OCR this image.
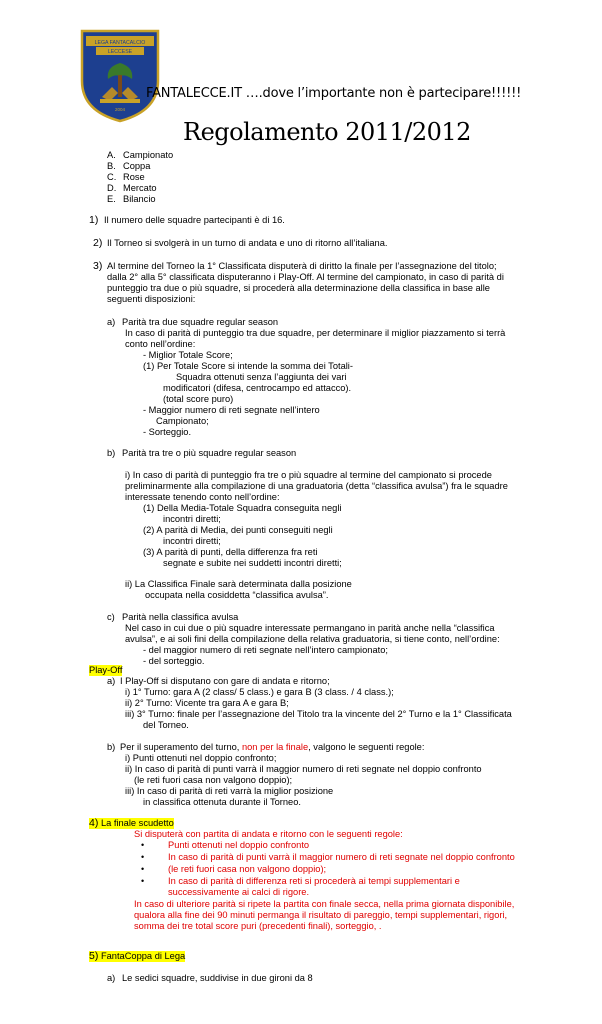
LEGA FANTACALCIO
LECCESE
2004
FANTALECCE.IT ….dove l’importante non è partecipare!!!!!!
Regolamento 2011/2012
A. Campionato
B. Coppa
C. Rose
D. Mercato
E. Bilancio
1) Il numero delle squadre partecipanti è di 16.
2) Il Torneo si svolgerà in un turno di andata e uno di ritorno all’italiana.
3) Al termine del Torneo la 1° Classificata disputerà di diritto la finale per l’assegnazione del titolo;
dalla 2° alla 5° classificata disputeranno i Play-Off. Al termine del campionato, in caso di parità di
punteggio tra due o più squadre, si procederà alla determinazione della classifica in base alle
seguenti disposizioni:
a) Parità tra due squadre regular season
In caso di parità di punteggio tra due squadre, per determinare il miglior piazzamento si terrà
conto nell’ordine:
- Miglior Totale Score;
(1) Per Totale Score si intende la somma dei Totali-
Squadra ottenuti senza l’aggiunta dei vari
modificatori (difesa, centrocampo ed attacco).
(total score puro)
- Maggior numero di reti segnate nell’intero
Campionato;
- Sorteggio.
b) Parità tra tre o più squadre regular season
i) In caso di parità di punteggio fra tre o più squadre al termine del campionato si procede
preliminarmente alla compilazione di una graduatoria (detta “classifica avulsa”) fra le squadre
interessate tenendo conto nell’ordine:
(1) Della Media-Totale Squadra conseguita negli
incontri diretti;
(2) A parità di Media, dei punti conseguiti negli
incontri diretti;
(3) A parità di punti, della differenza fra reti
segnate e subite nei suddetti incontri diretti;
ii) La Classifica Finale sarà determinata dalla posizione
occupata nella cosiddetta “classifica avulsa”.
c) Parità nella classifica avulsa
Nel caso in cui due o più squadre interessate permangano in parità anche nella “classifica
avulsa”, e ai soli fini della compilazione della relativa graduatoria, si tiene conto, nell’ordine:
- del maggior numero di reti segnate nell’intero campionato;
- del sorteggio.
Play-Off
a) I Play-Off si disputano con gare di andata e ritorno;
i) 1° Turno: gara A (2 class/ 5 class.) e gara B (3 class. / 4 class.);
ii) 2° Turno: Vicente tra gara A e gara B;
iii) 3° Turno: finale per l’assegnazione del Titolo tra la vincente del 2° Turno e la 1° Classificata
del Torneo.
b) Per il superamento del turno, non per la finale, valgono le seguenti regole:
i) Punti ottenuti nel doppio confronto;
ii) In caso di parità di punti varrà il maggior numero di reti segnate nel doppio confronto
(le reti fuori casa non valgono doppio);
iii) In caso di parità di reti varrà la miglior posizione
in classifica ottenuta durante il Torneo.
4) La finale scudetto
Si disputerà con partita di andata e ritorno con le seguenti regole:
•	Punti ottenuti nel doppio confronto
•	In caso di parità di punti varrà il maggior numero di reti segnate nel doppio confronto
•	(le reti fuori casa non valgono doppio);
•	In caso di parità di differenza reti si procederà ai tempi supplementari e
successivamente ai calci di rigore.
In caso di ulteriore parità si ripete la partita con finale secca, nella prima giornata disponibile,
qualora alla fine dei 90 minuti permanga il risultato di pareggio, tempi supplementari, rigori,
somma dei tre total score puri (precedenti finali), sorteggio, .
5) FantaCoppa di Lega
a) Le sedici squadre, suddivise in due gironi da 8
